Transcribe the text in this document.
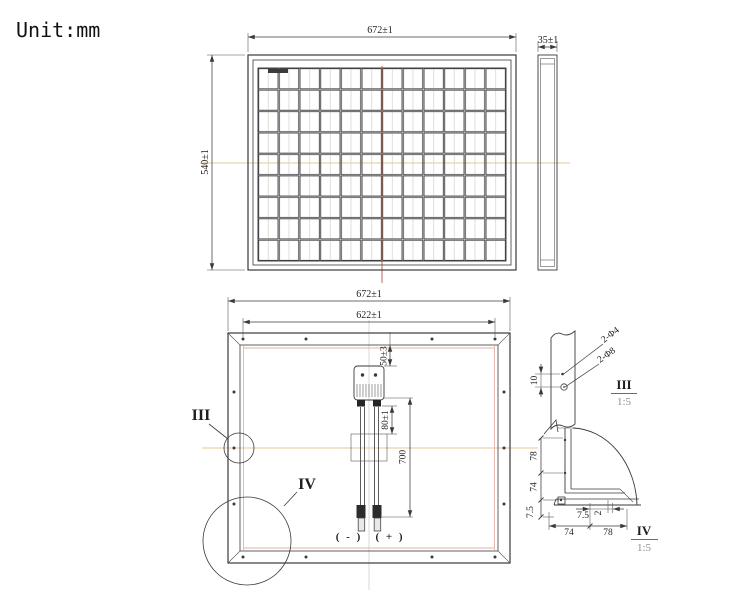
Unit:mm	672±1
540±1
35±1
672±1
622±1
( - ) ( + )
50±3
80±1
700
III
IV
2-Φ4
2-Φ8
10	III
1:5
78
74
7.5	7.5 2
74	78 IV
1:5
